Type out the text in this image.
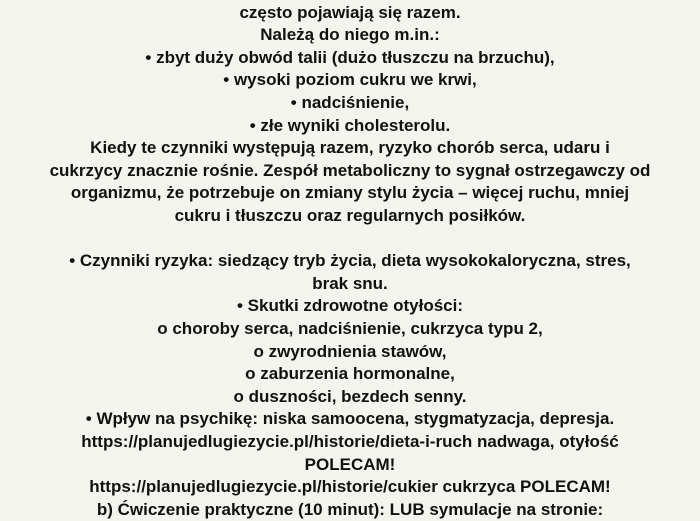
często pojawiają się razem.
Należą do niego m.in.:
• zbyt duży obwód talii (dużo tłuszczu na brzuchu),
• wysoki poziom cukru we krwi,
• nadciśnienie,
• złe wyniki cholesterolu.
Kiedy te czynniki występują razem, ryzyko chorób serca, udaru i
cukrzycy znacznie rośnie. Zespół metaboliczny to sygnał ostrzegawczy od
organizmu, że potrzebuje on zmiany stylu życia – więcej ruchu, mniej
cukru i tłuszczu oraz regularnych posiłków.
• Czynniki ryzyka: siedzący tryb życia, dieta wysokokaloryczna, stres,
brak snu.
• Skutki zdrowotne otyłości:
o choroby serca, nadciśnienie, cukrzyca typu 2,
o zwyrodnienia stawów,
o zaburzenia hormonalne,
o duszności, bezdech senny.
• Wpływ na psychikę: niska samoocena, stygmatyzacja, depresja.
https://planujedlugiezycie.pl/historie/dieta-i-ruch nadwaga, otyłość
POLECAM!
https://planujedlugiezycie.pl/historie/cukier cukrzyca POLECAM!
b) Ćwiczenie praktyczne (10 minut): LUB symulacje na stronie:
